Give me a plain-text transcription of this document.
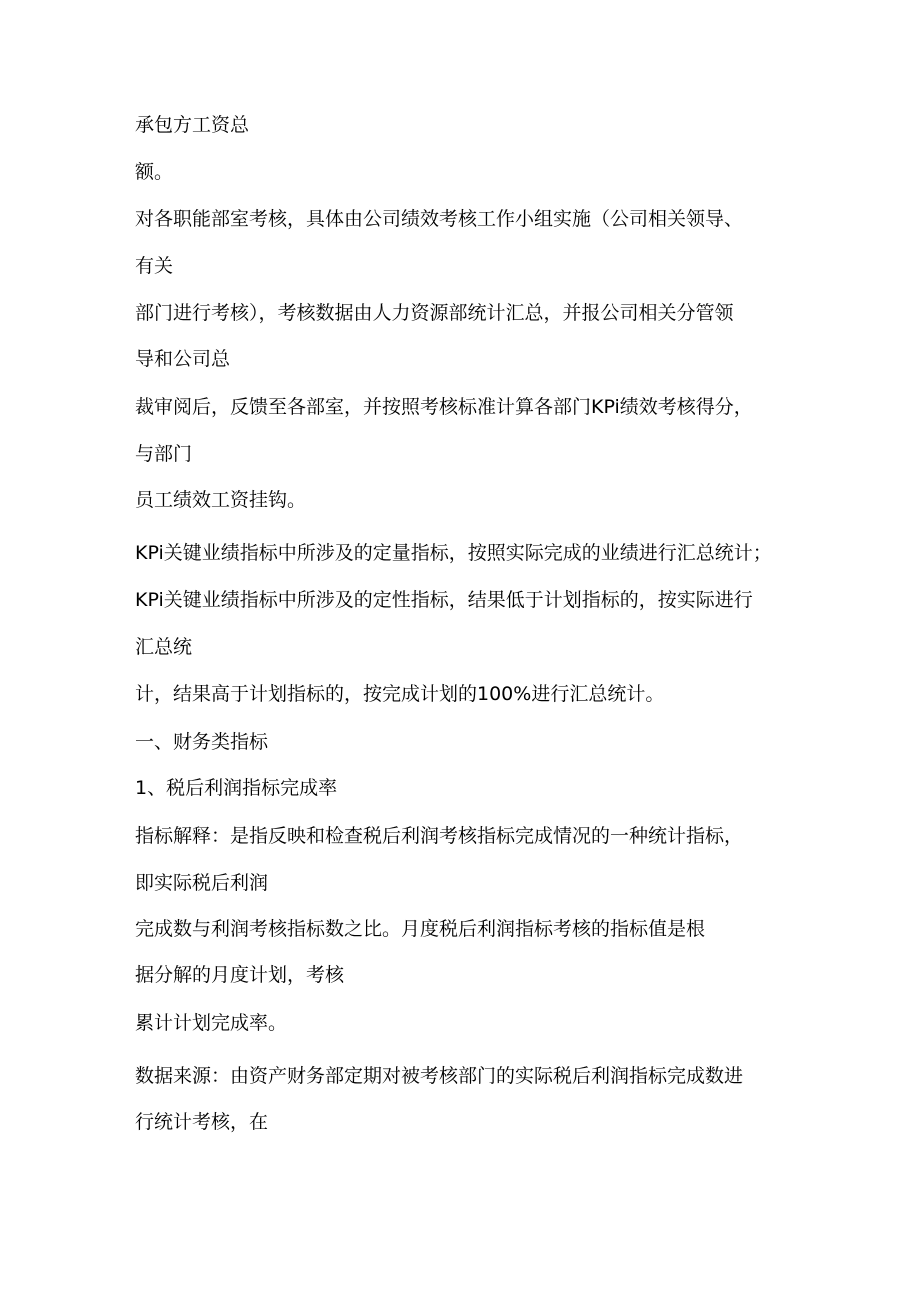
承包方工资总
额。
对各职能部室考核，具体由公司绩效考核工作小组实施（公司相关领导、
有关
部门进行考核），考核数据由人力资源部统计汇总，并报公司相关分管领
导和公司总
裁审阅后，反馈至各部室，并按照考核标准计算各部门KPi绩效考核得分，
与部门
员工绩效工资挂钩。
KPi关键业绩指标中所涉及的定量指标，按照实际完成的业绩进行汇总统计；
KPi关键业绩指标中所涉及的定性指标，结果低于计划指标的，按实际进行
汇总统
计，结果高于计划指标的，按完成计划的100%进行汇总统计。
一、财务类指标
1、税后利润指标完成率
指标解释：是指反映和检查税后利润考核指标完成情况的一种统计指标，
即实际税后利润
完成数与利润考核指标数之比。月度税后利润指标考核的指标值是根
据分解的月度计划，考核
累计计划完成率。
数据来源：由资产财务部定期对被考核部门的实际税后利润指标完成数进
行统计考核，在
